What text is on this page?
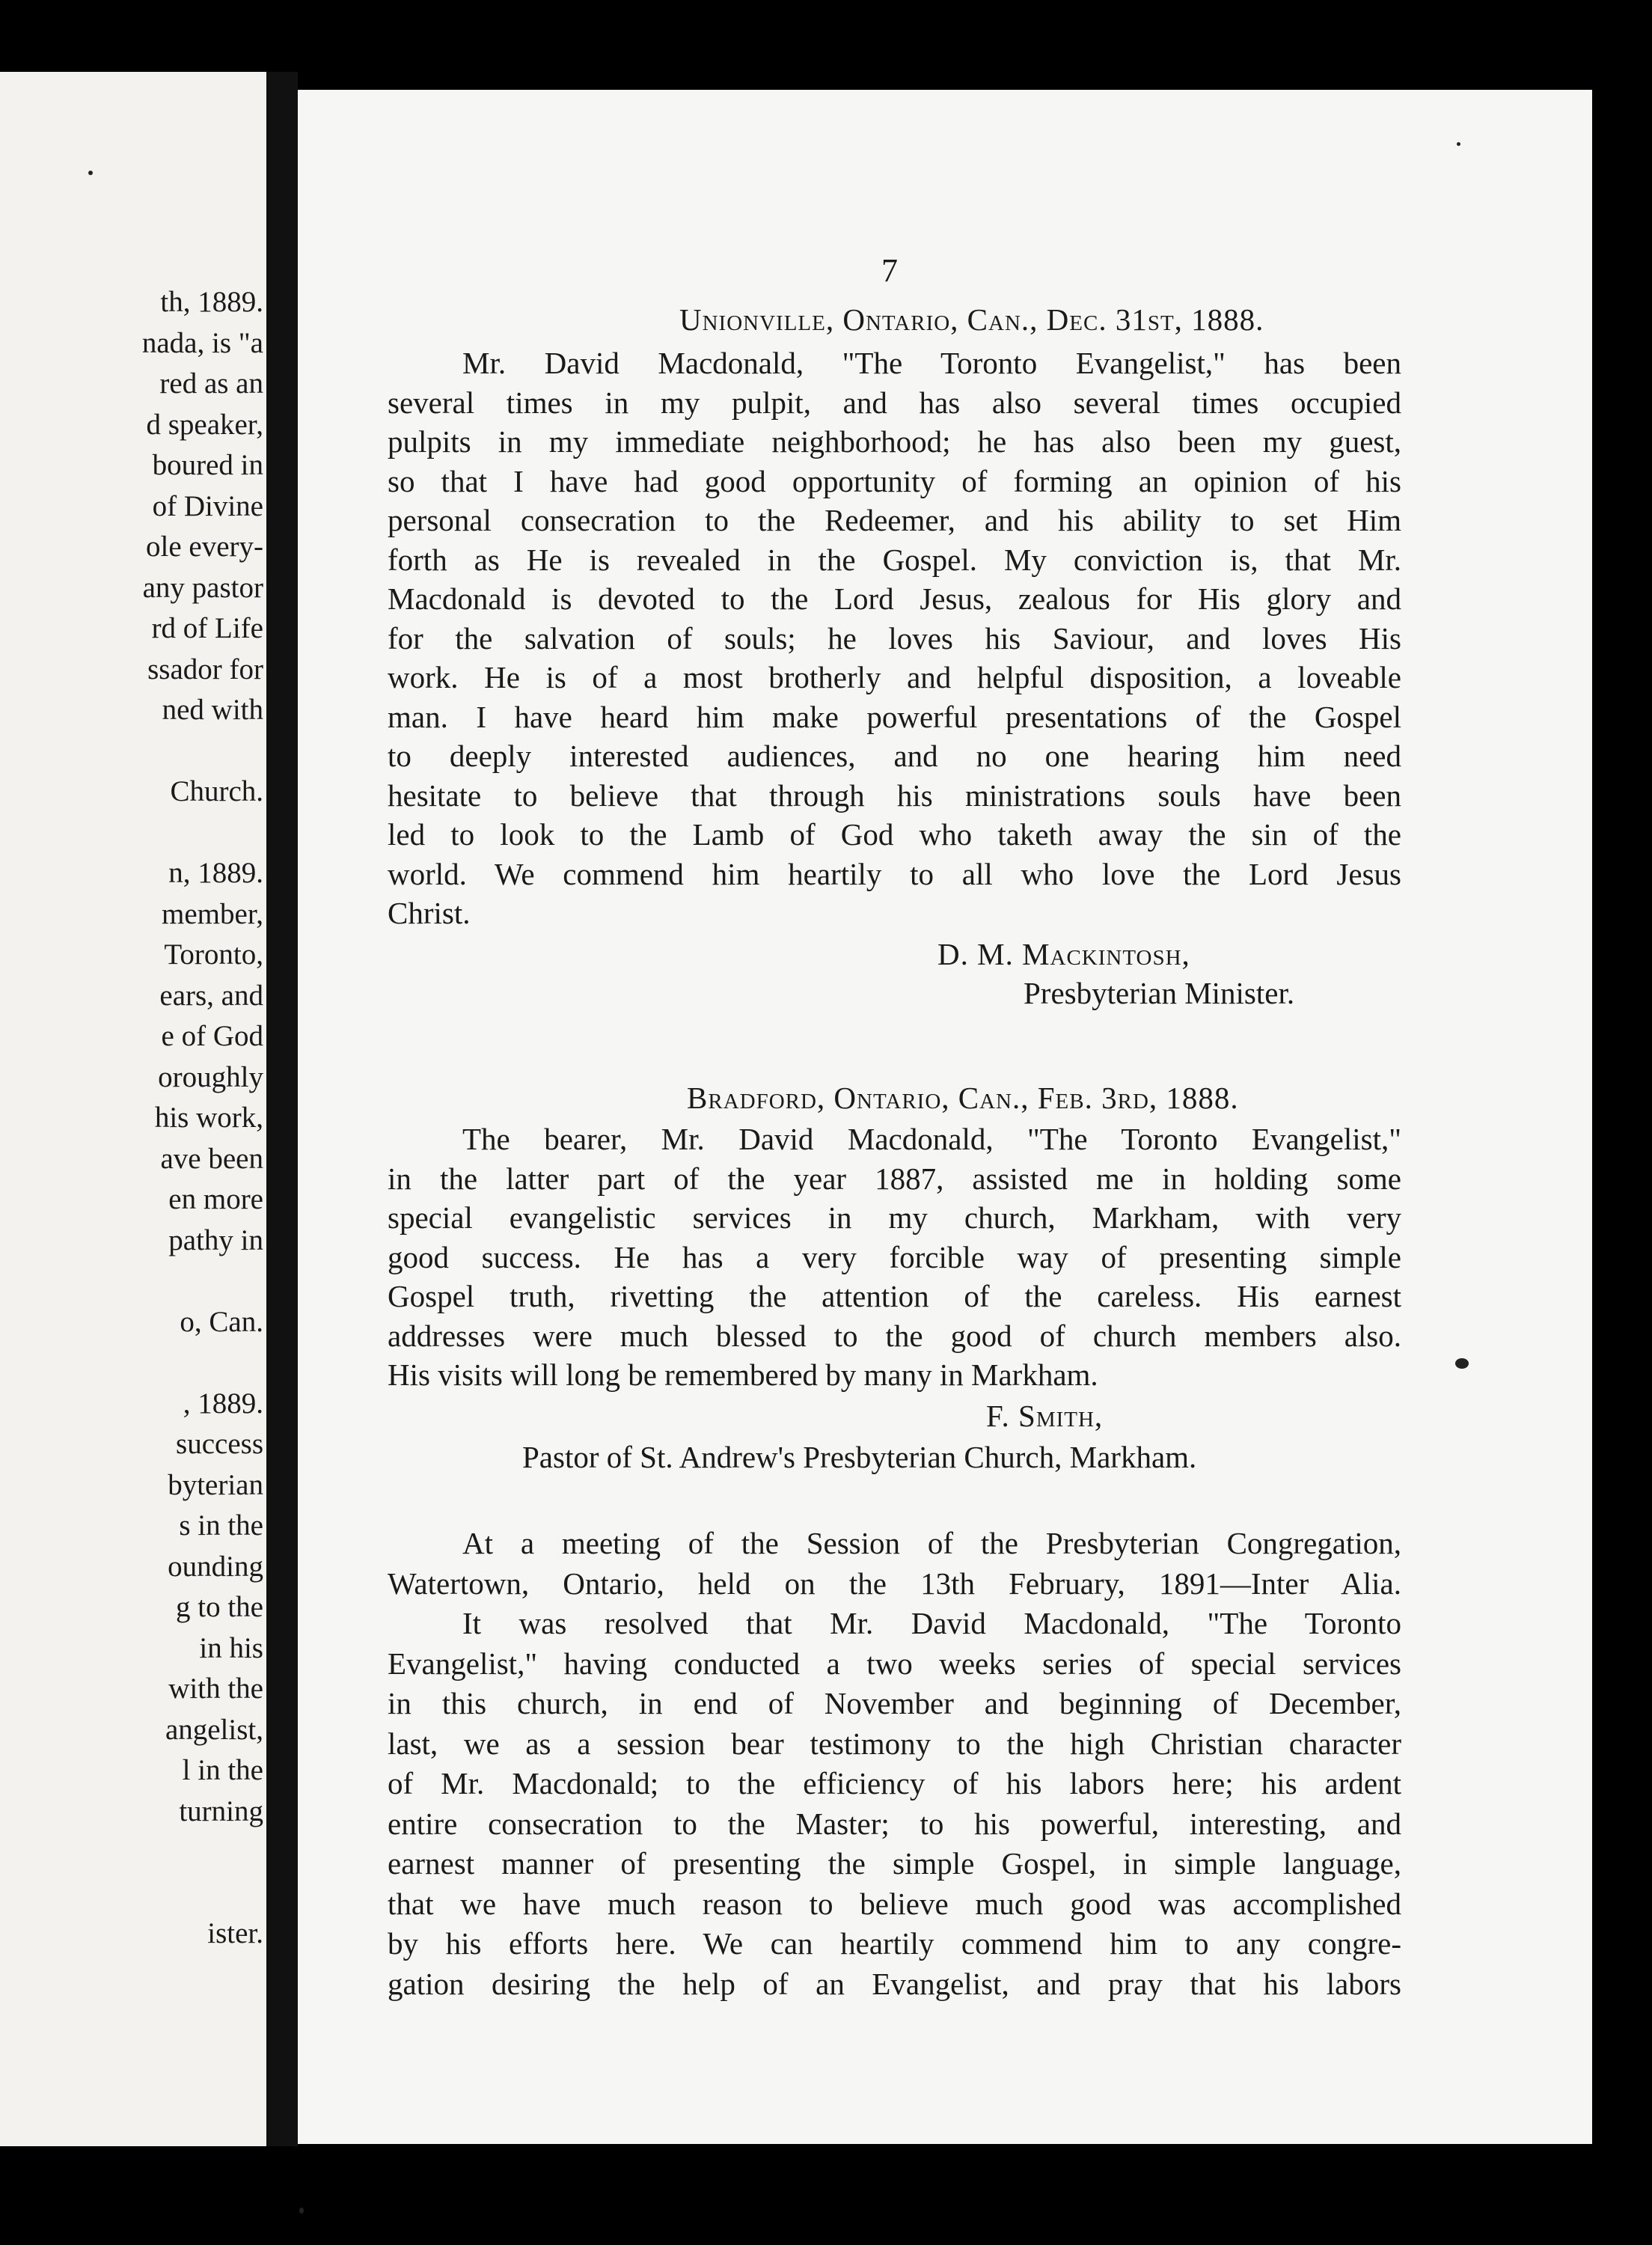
th, 1889.
nada, is "a
red as an
d speaker,
boured in
of Divine
ole every-
any pastor
rd of Life
ssador for
ned with
Church.
n, 1889.
member,
Toronto,
ears, and
e of God
oroughly
his work,
ave been
en more
pathy in
o, Can.
, 1889.
success
byterian
s in the
ounding
g to the
in his
with the
angelist,
l in the
turning
ister.
7
Unionville, Ontario, Can., Dec. 31st, 1888.
Mr. David Macdonald, "The Toronto Evangelist," has been
several times in my pulpit, and has also several times occupied
pulpits in my immediate neighborhood; he has also been my guest,
so that I have had good opportunity of forming an opinion of his
personal consecration to the Redeemer, and his ability to set Him
forth as He is revealed in the Gospel. My conviction is, that Mr.
Macdonald is devoted to the Lord Jesus, zealous for His glory and
for the salvation of souls; he loves his Saviour, and loves His
work. He is of a most brotherly and helpful disposition, a loveable
man. I have heard him make powerful presentations of the Gospel
to deeply interested audiences, and no one hearing him need
hesitate to believe that through his ministrations souls have been
led to look to the Lamb of God who taketh away the sin of the
world. We commend him heartily to all who love the Lord Jesus
Christ.
D. M. Mackintosh,
Presbyterian Minister.
Bradford, Ontario, Can., Feb. 3rd, 1888.
The bearer, Mr. David Macdonald, "The Toronto Evangelist,"
in the latter part of the year 1887, assisted me in holding some
special evangelistic services in my church, Markham, with very
good success. He has a very forcible way of presenting simple
Gospel truth, rivetting the attention of the careless. His earnest
addresses were much blessed to the good of church members also.
His visits will long be remembered by many in Markham.
F. Smith,
Pastor of St. Andrew's Presbyterian Church, Markham.
At a meeting of the Session of the Presbyterian Congregation,
Watertown, Ontario, held on the 13th February, 1891—Inter Alia.
It was resolved that Mr. David Macdonald, "The Toronto
Evangelist," having conducted a two weeks series of special services
in this church, in end of November and beginning of December,
last, we as a session bear testimony to the high Christian character
of Mr. Macdonald; to the efficiency of his labors here; his ardent
entire consecration to the Master; to his powerful, interesting, and
earnest manner of presenting the simple Gospel, in simple language,
that we have much reason to believe much good was accomplished
by his efforts here. We can heartily commend him to any congre-
gation desiring the help of an Evangelist, and pray that his labors
